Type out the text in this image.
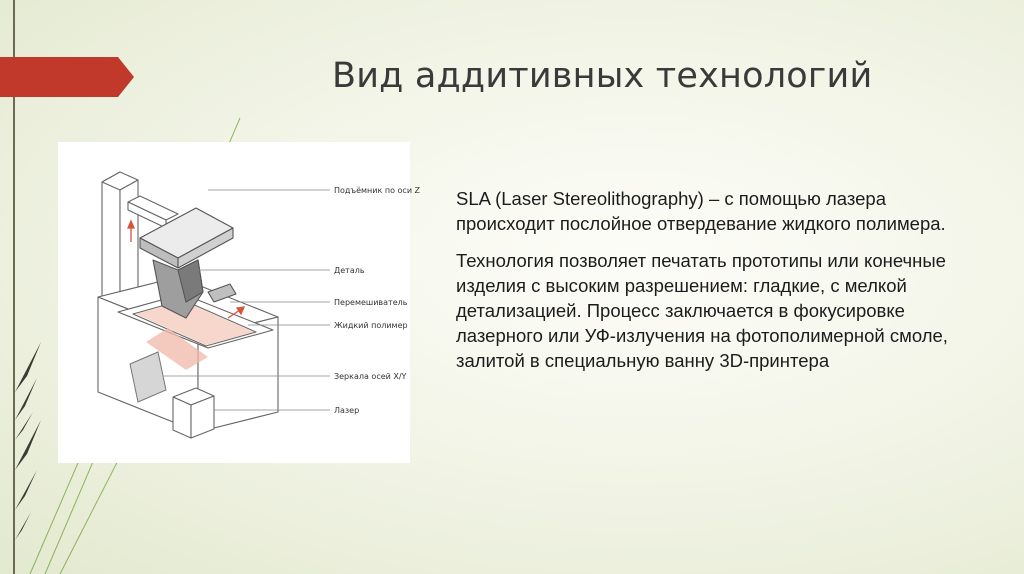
Вид аддитивных технологий
Подъёмник по оси Z
Деталь
Перемешиватель
Жидкий полимер
Зеркала осей X/Y
Лазер

SLA (Laser Stereolithography) – с помощью лазера происходит послойное отвердевание жидкого полимера.

Технология позволяет печатать прототипы или конечные изделия с высоким разрешением: гладкие, с мелкой детализацией. Процесс заключается в фокусировке лазерного или УФ-излучения на фотополимерной смоле, залитой в специальную ванну 3D-принтера
